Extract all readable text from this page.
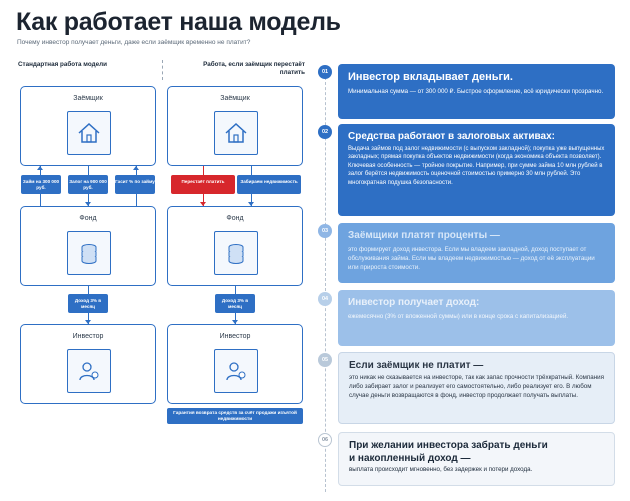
Как работает наша модель
Почему инвестор получает деньги, даже если заёмщик временно не платит?
Стандартная работа модели	Работа, если заёмщик перестаёт платить
Заёмщик
Займ на 300 000 руб.
Залог на 900 000 руб.
Гасит % по займу
Фонд
Доход 3% в месяц
Инвестор
Заёмщик
Перестаёт платить	Забираем недвижимость
Фонд
Доход 3% в месяц
Инвестор
Гарантия возврата средств за счёт продажи изъятой недвижимости
01	Инвестор вкладывает деньги.
Минимальная сумма — от 300 000 ₽. Быстрое оформление, всё юридически прозрачно.
02	Средства работают в залоговых активах:
Выдача займов под залог недвижимости (с выпуском закладной); покупка уже выпущенных закладных; прямая покупка объектов недвижимости (когда экономика объекта позволяет). Ключевая особенность — тройное покрытие. Например, при сумме займа 10 млн рублей в залог берётся недвижимость оценочной стоимостью примерно 30 млн рублей. Это многократная подушка безопасности.
03	Заёмщики платят проценты —
это формирует доход инвестора. Если мы владеем закладной, доход поступает от обслуживания займа. Если мы владеем недвижимостью — доход от её эксплуатации или прироста стоимости.
04	Инвестор получает доход:
ежемесячно (3% от вложенной суммы) или в конце срока с капитализацией.
05	Если заёмщик не платит —
это никак не сказывается на инвесторе, так как запас прочности трёхкратный. Компания либо забирает залог и реализует его самостоятельно, либо реализует его. В любом случае деньги возвращаются в фонд, инвестор продолжает получать выплаты.
06	При желании инвестора забрать деньги и накопленный доход —
выплата происходит мгновенно, без задержек и потери дохода.
